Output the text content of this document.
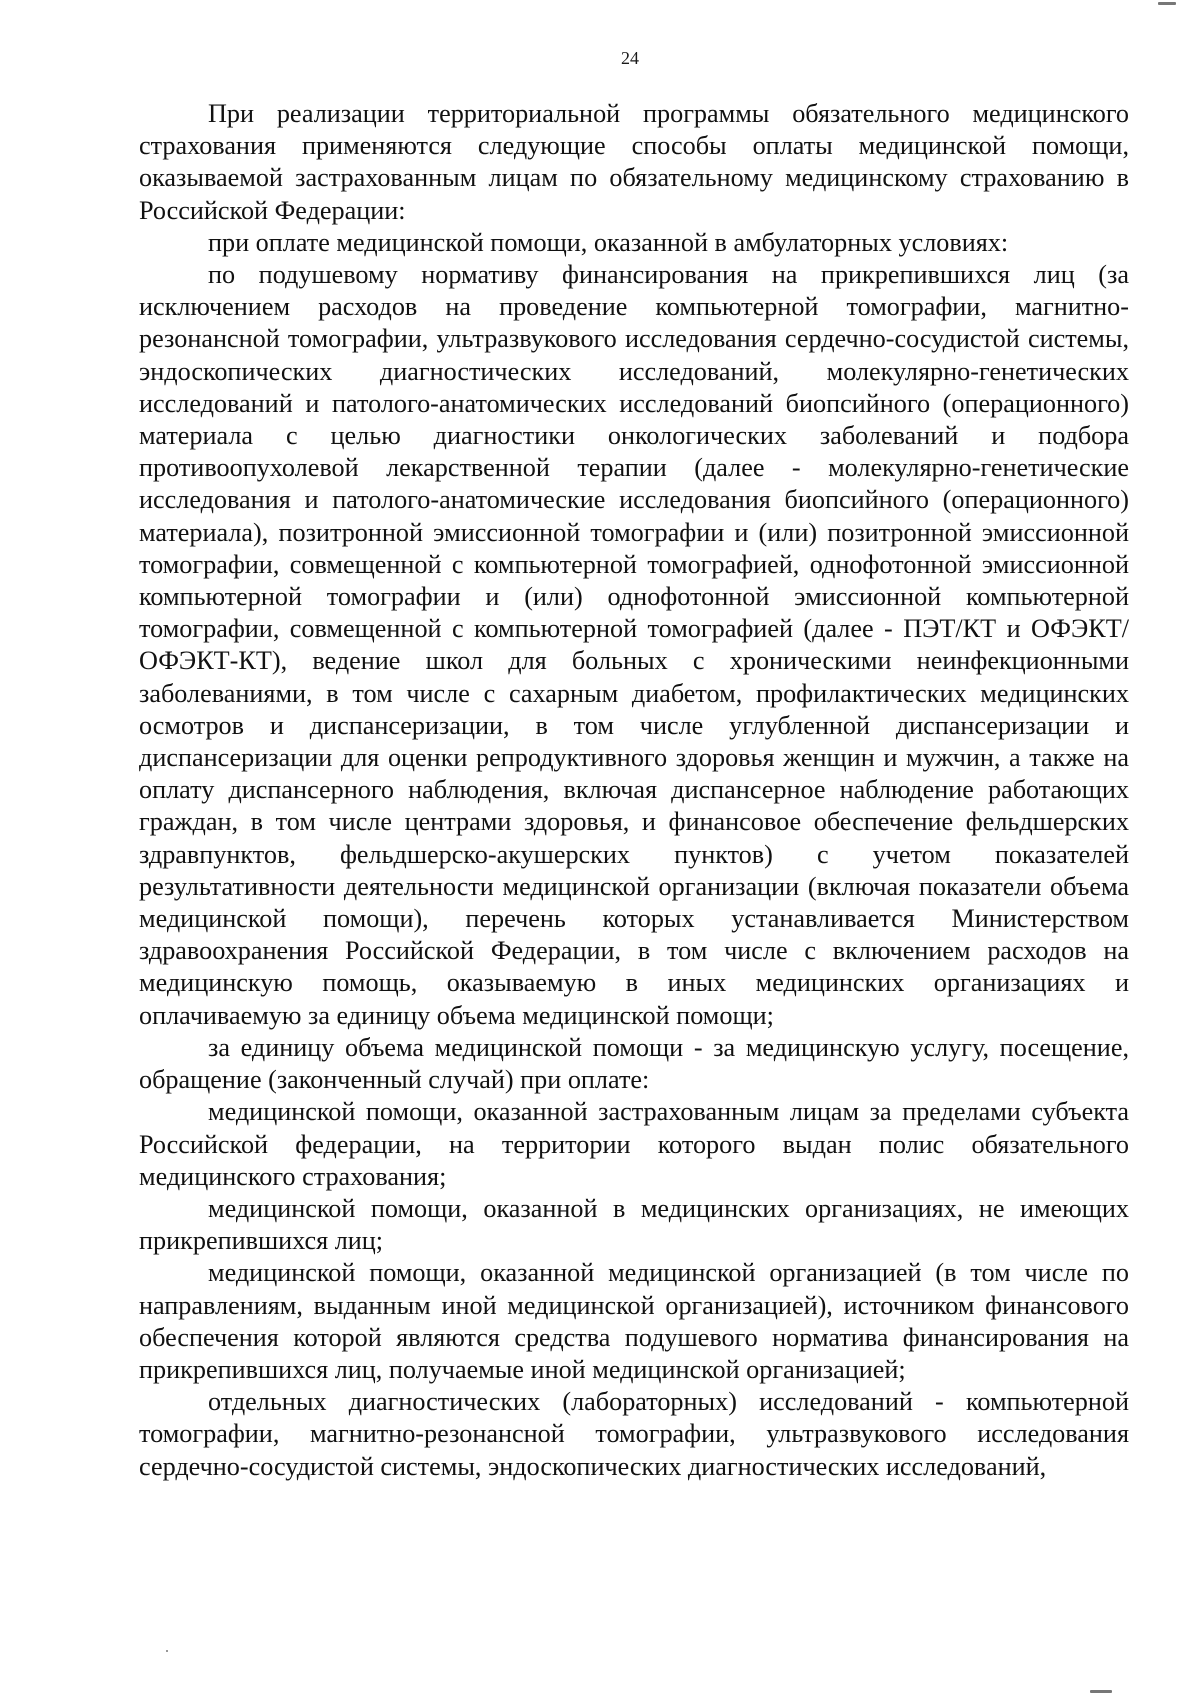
24

При реализации территориальной программы обязательного медицинского страхования применяются следующие способы оплаты медицинской помощи, оказываемой застрахованным лицам по обязательному медицинскому страхованию в Российской Федерации:

при оплате медицинской помощи, оказанной в амбулаторных условиях:

по подушевому нормативу финансирования на прикрепившихся лиц (за исключением расходов на проведение компьютерной томографии, магнитно-резонансной томографии, ультразвукового исследования сердечно-сосудистой системы, эндоскопических диагностических исследований, молекулярно-генетических исследований и патолого-анатомических исследований биопсийного (операционного) материала с целью диагностики онкологических заболеваний и подбора противоопухолевой лекарственной терапии (далее - молекулярно-генетические исследования и патолого-анатомические исследования биопсийного (операционного) материала), позитронной эмиссионной томографии и (или) позитронной эмиссионной томографии, совмещенной с компьютерной томографией, однофотонной эмиссионной компьютерной томографии и (или) однофотонной эмиссионной компьютерной томографии, совмещенной с компьютерной томографией (далее - ПЭТ/КТ и ОФЭКТ/ОФЭКТ-КТ), ведение школ для больных с хроническими неинфекционными заболеваниями, в том числе с сахарным диабетом, профилактических медицинских осмотров и диспансеризации, в том числе углубленной диспансеризации и диспансеризации для оценки репродуктивного здоровья женщин и мужчин, а также на оплату диспансерного наблюдения, включая диспансерное наблюдение работающих граждан, в том числе центрами здоровья, и финансовое обеспечение фельдшерских здравпунктов, фельдшерско-акушерских пунктов) с учетом показателей результативности деятельности медицинской организации (включая показатели объема медицинской помощи), перечень которых устанавливается Министерством здравоохранения Российской Федерации, в том числе с включением расходов на медицинскую помощь, оказываемую в иных медицинских организациях и оплачиваемую за единицу объема медицинской помощи;

за единицу объема медицинской помощи - за медицинскую услугу, посещение, обращение (законченный случай) при оплате:

медицинской помощи, оказанной застрахованным лицам за пределами субъекта Российской федерации, на территории которого выдан полис обязательного медицинского страхования;

медицинской помощи, оказанной в медицинских организациях, не имеющих прикрепившихся лиц;

медицинской помощи, оказанной медицинской организацией (в том числе по направлениям, выданным иной медицинской организацией), источником финансового обеспечения которой являются средства подушевого норматива финансирования на прикрепившихся лиц, получаемые иной медицинской организацией;

отдельных диагностических (лабораторных) исследований - компьютерной томографии, магнитно-резонансной томографии, ультразвукового исследования сердечно-сосудистой системы, эндоскопических диагностических исследований,
